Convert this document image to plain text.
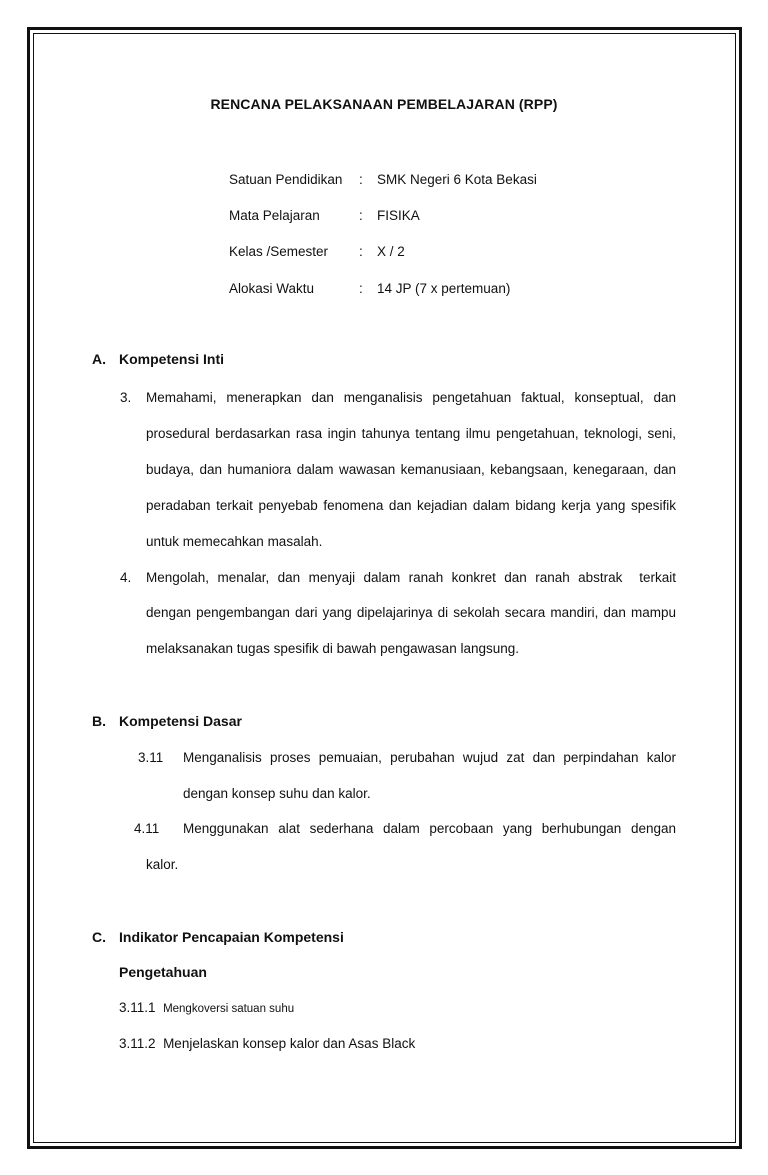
RENCANA PELAKSANAAN PEMBELAJARAN (RPP)
Satuan Pendidikan : SMK Negeri 6 Kota Bekasi
Mata Pelajaran	: FISIKA
Kelas /Semester : X / 2
Alokasi Waktu	: 14 JP (7 x pertemuan)
A. Kompetensi Inti
3. Memahami, menerapkan dan menganalisis pengetahuan faktual, konseptual, dan
prosedural berdasarkan rasa ingin tahunya tentang ilmu pengetahuan, teknologi, seni,
budaya, dan humaniora dalam wawasan kemanusiaan, kebangsaan, kenegaraan, dan
peradaban terkait penyebab fenomena dan kejadian dalam bidang kerja yang spesifik
untuk memecahkan masalah.
4. Mengolah, menalar, dan menyaji dalam ranah konkret dan ranah abstrak  terkait
dengan pengembangan dari yang dipelajarinya di sekolah secara mandiri, dan mampu
melaksanakan tugas spesifik di bawah pengawasan langsung.
B. Kompetensi Dasar
3.11 Menganalisis proses pemuaian, perubahan wujud zat dan perpindahan kalor
dengan konsep suhu dan kalor.
4.11 Menggunakan alat sederhana dalam percobaan yang berhubungan dengan
kalor.
C. Indikator Pencapaian Kompetensi
Pengetahuan
3.11.1 Mengkoversi satuan suhu
3.11.2 Menjelaskan konsep kalor dan Asas Black
